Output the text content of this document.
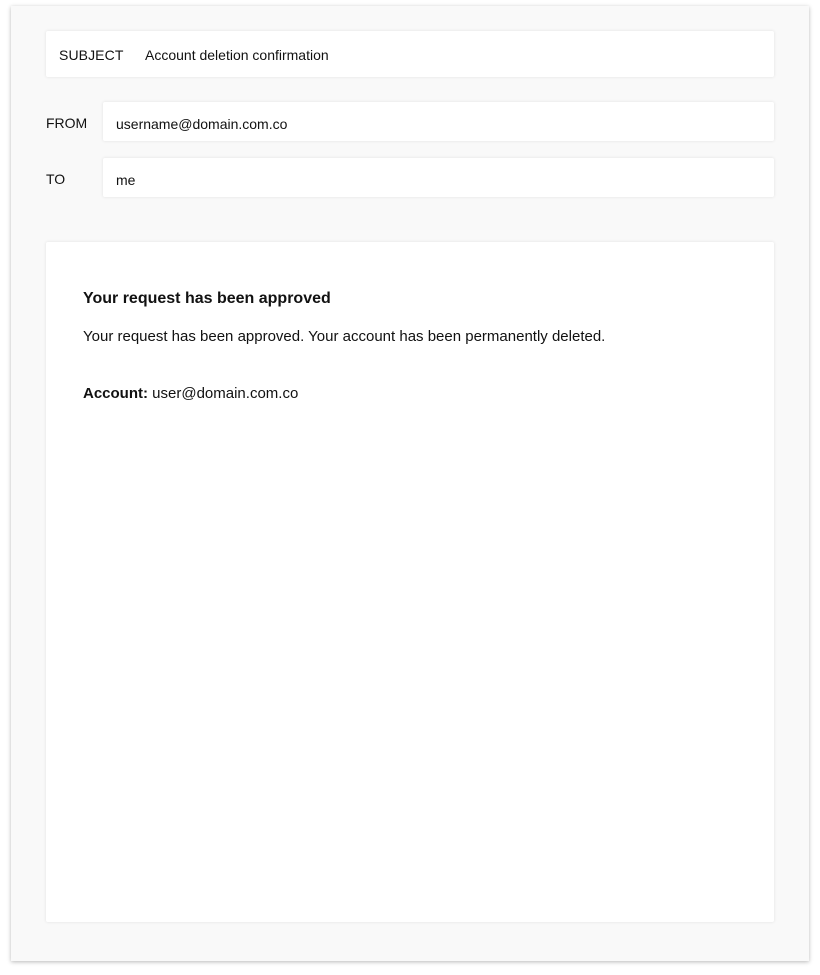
SUBJECT Account deletion confirmation
FROM username@domain.com.co
TO	me
Your request has been approved

Your request has been approved. Your account has been permanently deleted.

Account: user@domain.com.co
